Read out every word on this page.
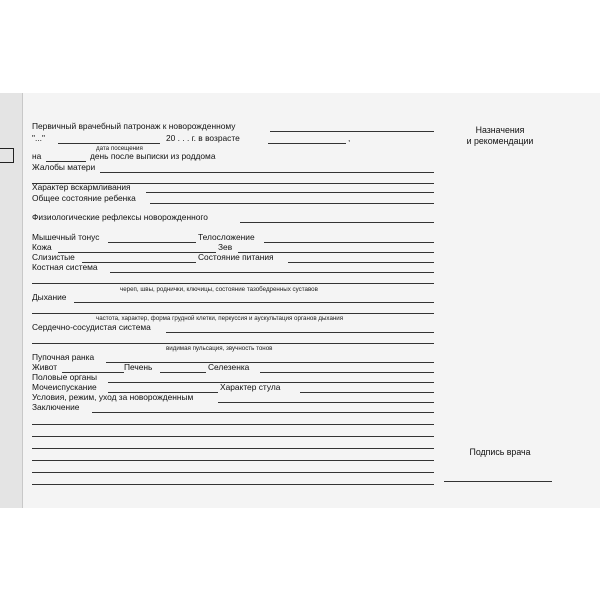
Первичный врачебный патронаж к новорожденному
"..."	20 . . . г. в возрасте	,
дата посещения
на	день после выписки из роддома
Жалобы матери
Характер вскармливания
Общее состояние ребенка
Физиологические рефлексы новорожденного
Мышечный тонус	Телосложение
Кожа	Зев
Слизистые	Состояние питания
Костная система
череп, швы, роднички, ключицы, состояние тазобедренных суставов
Дыхание
частота, характер, форма грудной клетки, перкуссия и аускультация органов дыхания
Сердечно-сосудистая система
видимая пульсация, звучность тонов
Пупочная ранка
Живот	Печень	Селезенка
Половые органы
Мочеиспускание	Характер стула
Условия, режим, уход за новорожденным
Заключение
Назначения
и рекомендации
Подпись врача
